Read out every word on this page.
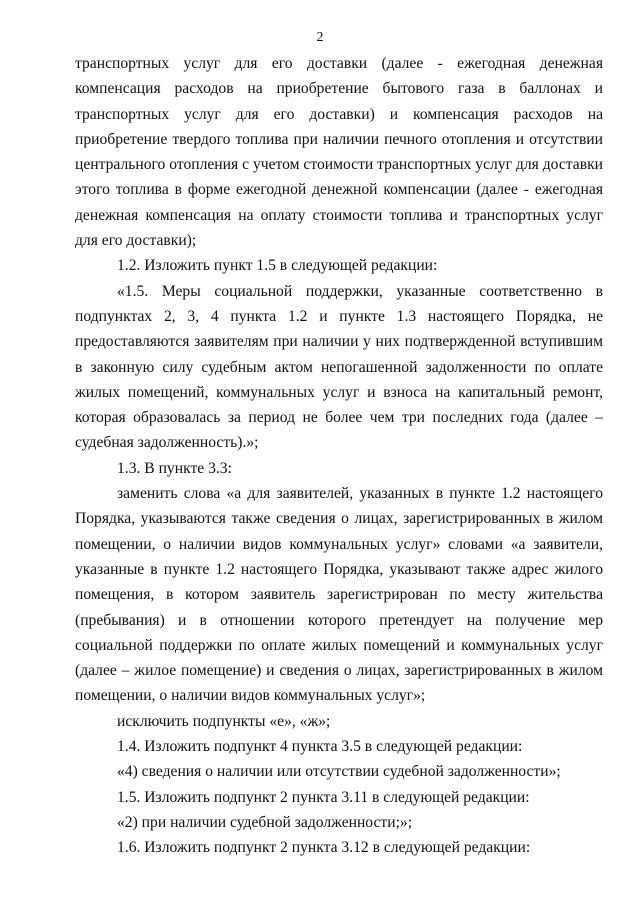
2

транспортных услуг для его доставки (далее - ежегодная денежная компенсация расходов на приобретение бытового газа в баллонах и транспортных услуг для его доставки) и компенсация расходов на приобретение твердого топлива при наличии печного отопления и отсутствии центрального отопления с учетом стоимости транспортных услуг для доставки этого топлива в форме ежегодной денежной компенсации (далее - ежегодная денежная компенсация на оплату стоимости топлива и транспортных услуг для его доставки);

1.2. Изложить пункт 1.5 в следующей редакции:

«1.5. Меры социальной поддержки, указанные соответственно в подпунктах 2, 3, 4 пункта 1.2 и пункте 1.3 настоящего Порядка, не предоставляются заявителям при наличии у них подтвержденной вступившим в законную силу судебным актом непогашенной задолженности по оплате жилых помещений, коммунальных услуг и взноса на капитальный ремонт, которая образовалась за период не более чем три последних года (далее – судебная задолженность).»;

1.3. В пункте 3.3:

заменить слова «а для заявителей, указанных в пункте 1.2 настоящего Порядка, указываются также сведения о лицах, зарегистрированных в жилом помещении, о наличии видов коммунальных услуг» словами «а заявители, указанные в пункте 1.2 настоящего Порядка, указывают также адрес жилого помещения, в котором заявитель зарегистрирован по месту жительства (пребывания) и в отношении которого претендует на получение мер социальной поддержки по оплате жилых помещений и коммунальных услуг (далее – жилое помещение) и сведения о лицах, зарегистрированных в жилом помещении, о наличии видов коммунальных услуг»;

исключить подпункты «е», «ж»;

1.4. Изложить подпункт 4 пункта 3.5 в следующей редакции:

«4) сведения о наличии или отсутствии судебной задолженности»;

1.5. Изложить подпункт 2 пункта 3.11 в следующей редакции:

«2) при наличии судебной задолженности;»;

1.6. Изложить подпункт 2 пункта 3.12 в следующей редакции:
